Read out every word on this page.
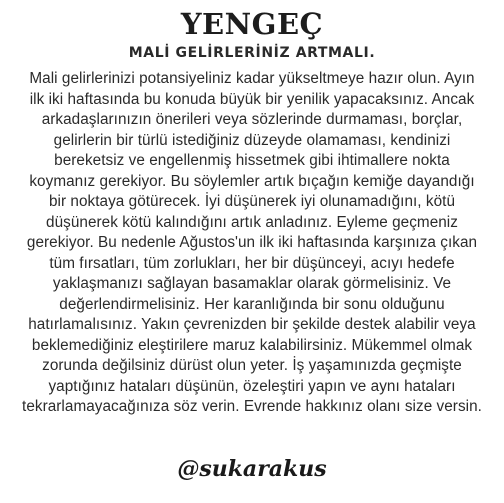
YENGEÇ
MALİ GELİRLERİNİZ ARTMALI.

Mali gelirlerinizi potansiyeliniz kadar yükseltmeye hazır olun. Ayın
ilk iki haftasında bu konuda büyük bir yenilik yapacaksınız. Ancak
arkadaşlarınızın önerileri veya sözlerinde durmaması, borçlar,
gelirlerin bir türlü istediğiniz düzeyde olamaması, kendinizi
bereketsiz ve engellenmiş hissetmek gibi ihtimallere nokta
koymanız gerekiyor. Bu söylemler artık bıçağın kemiğe dayandığı
bir noktaya götürecek. İyi düşünerek iyi olunamadığını, kötü
düşünerek kötü kalındığını artık anladınız. Eyleme geçmeniz
gerekiyor. Bu nedenle Ağustos'un ilk iki haftasında karşınıza çıkan
tüm fırsatları, tüm zorlukları, her bir düşünceyi, acıyı hedefe
yaklaşmanızı sağlayan basamaklar olarak görmelisiniz. Ve
değerlendirmelisiniz. Her karanlığında bir sonu olduğunu
hatırlamalısınız. Yakın çevrenizden bir şekilde destek alabilir veya
beklemediğiniz eleştirilere maruz kalabilirsiniz. Mükemmel olmak
zorunda değilsiniz dürüst olun yeter. İş yaşamınızda geçmişte
yaptığınız hataları düşünün, özeleştiri yapın ve aynı hataları
tekrarlamayacağınıza söz verin. Evrende hakkınız olanı size versin.

@sukarakus
